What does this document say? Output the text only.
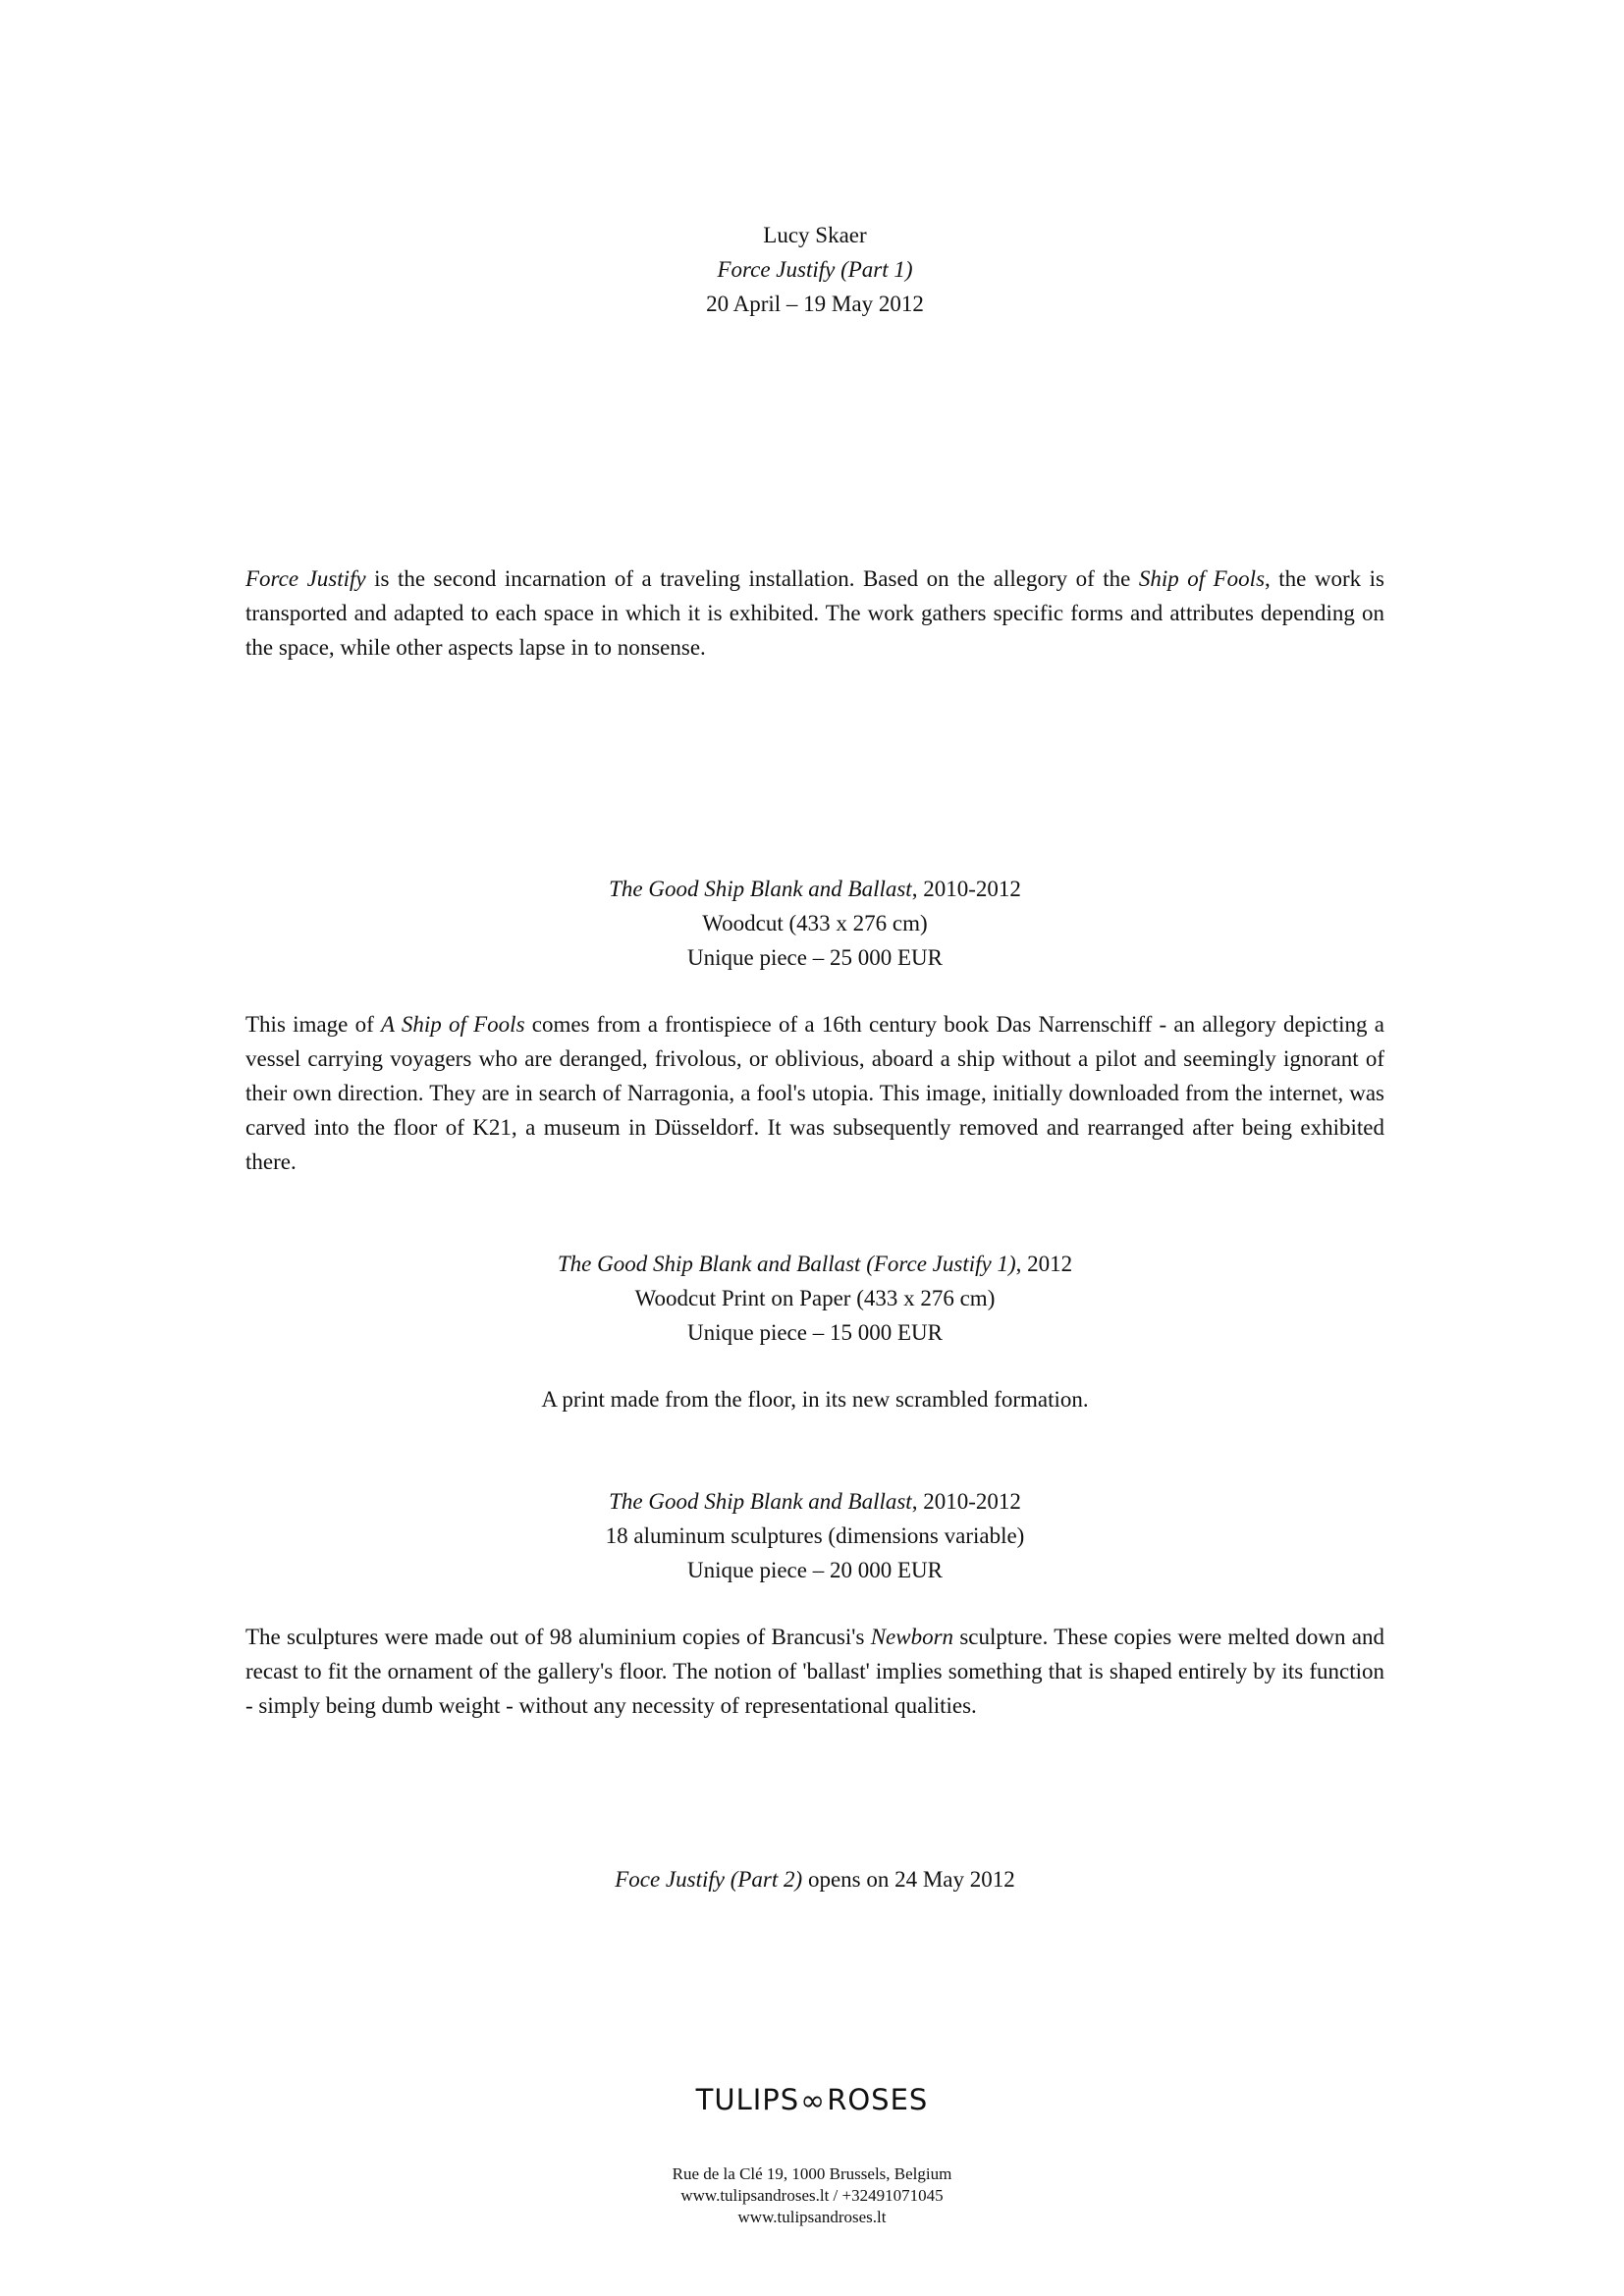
Lucy Skaer
Force Justify (Part 1)
20 April – 19 May 2012
Force Justify is the second incarnation of a traveling installation. Based on the allegory of the Ship of Fools, the work is transported and adapted to each space in which it is exhibited. The work gathers specific forms and attributes depending on the space, while other aspects lapse in to nonsense.
The Good Ship Blank and Ballast, 2010-2012
Woodcut (433 x 276 cm)
Unique piece – 25 000 EUR
This image of A Ship of Fools comes from a frontispiece of a 16th century book Das Narrenschiff - an allegory depicting a vessel carrying voyagers who are deranged, frivolous, or oblivious, aboard a ship without a pilot and seemingly ignorant of their own direction. They are in search of Narragonia, a fool's utopia. This image, initially downloaded from the internet, was carved into the floor of K21, a museum in Düsseldorf. It was subsequently removed and rearranged after being exhibited there.
The Good Ship Blank and Ballast (Force Justify 1), 2012
Woodcut Print on Paper (433 x 276 cm)
Unique piece – 15 000 EUR
A print made from the floor, in its new scrambled formation.
The Good Ship Blank and Ballast, 2010-2012
18 aluminum sculptures (dimensions variable)
Unique piece – 20 000 EUR
The sculptures were made out of 98 aluminium copies of Brancusi's Newborn sculpture. These copies were melted down and recast to fit the ornament of the gallery's floor. The notion of 'ballast' implies something that is shaped entirely by its function - simply being dumb weight - without any necessity of representational qualities.
Foce Justify (Part 2) opens on 24 May 2012
TULIPS∞ROSES
Rue de la Clé 19, 1000 Brussels, Belgium
www.tulipsandroses.lt / +32491071045
www.tulipsandroses.lt
